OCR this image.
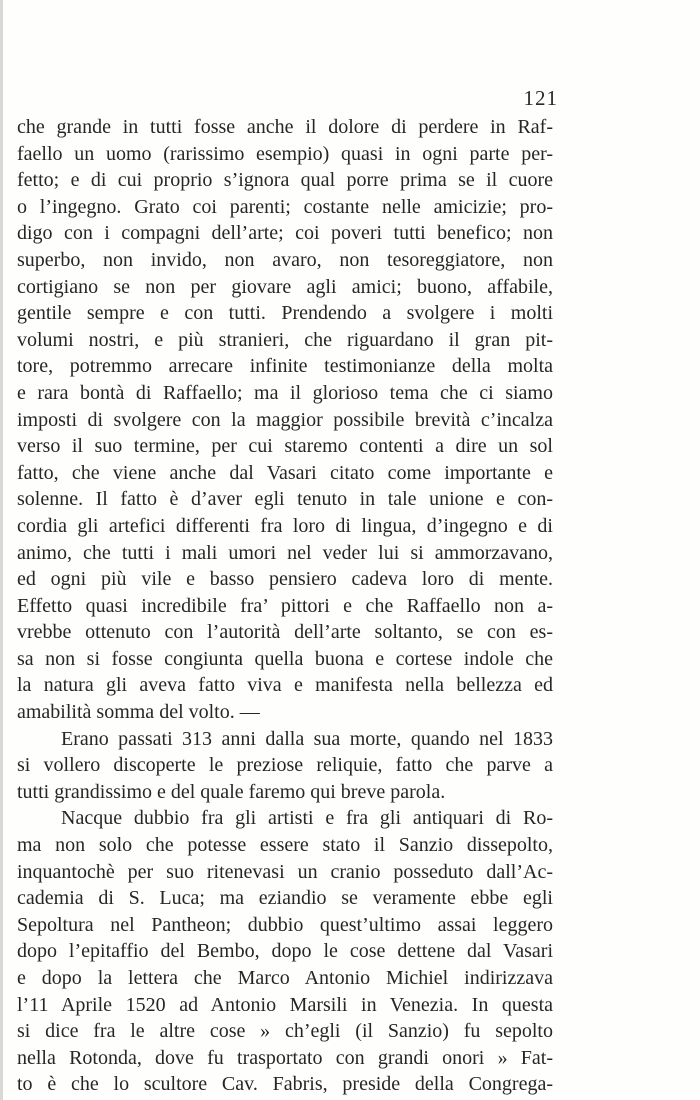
121
che grande in tutti fosse anche il dolore di perdere in Raf-
faello un uomo (rarissimo esempio) quasi in ogni parte per-
fetto; e di cui proprio s’ignora qual porre prima se il cuore
o l’ingegno. Grato coi parenti; costante nelle amicizie; pro-
digo con i compagni dell’arte; coi poveri tutti benefico; non
superbo, non invido, non avaro, non tesoreggiatore, non
cortigiano se non per giovare agli amici; buono, affabile,
gentile sempre e con tutti. Prendendo a svolgere i molti
volumi nostri, e più stranieri, che riguardano il gran pit-
tore, potremmo arrecare infinite testimonianze della molta
e rara bontà di Raffaello; ma il glorioso tema che ci siamo
imposti di svolgere con la maggior possibile brevità c’incalza
verso il suo termine, per cui staremo contenti a dire un sol
fatto, che viene anche dal Vasari citato come importante e
solenne. Il fatto è d’aver egli tenuto in tale unione e con-
cordia gli artefici differenti fra loro di lingua, d’ingegno e di
animo, che tutti i mali umori nel veder lui si ammorzavano,
ed ogni più vile e basso pensiero cadeva loro di mente.
Effetto quasi incredibile fra’ pittori e che Raffaello non a-
vrebbe ottenuto con l’autorità dell’arte soltanto, se con es-
sa non si fosse congiunta quella buona e cortese indole che
la natura gli aveva fatto viva e manifesta nella bellezza ed
amabilità somma del volto. —
Erano passati 313 anni dalla sua morte, quando nel 1833
si vollero discoperte le preziose reliquie, fatto che parve a
tutti grandissimo e del quale faremo qui breve parola.
Nacque dubbio fra gli artisti e fra gli antiquari di Ro-
ma non solo che potesse essere stato il Sanzio dissepolto,
inquantochè per suo ritenevasi un cranio posseduto dall’Ac-
cademia di S. Luca; ma eziandio se veramente ebbe egli
Sepoltura nel Pantheon; dubbio quest’ultimo assai leggero
dopo l’epitaffio del Bembo, dopo le cose dettene dal Vasari
e dopo la lettera che Marco Antonio Michiel indirizzava
l’11 Aprile 1520 ad Antonio Marsili in Venezia. In questa
si dice fra le altre cose » ch’egli (il Sanzio) fu sepolto
nella Rotonda, dove fu trasportato con grandi onori » Fat-
to è che lo scultore Cav. Fabris, preside della Congrega-
